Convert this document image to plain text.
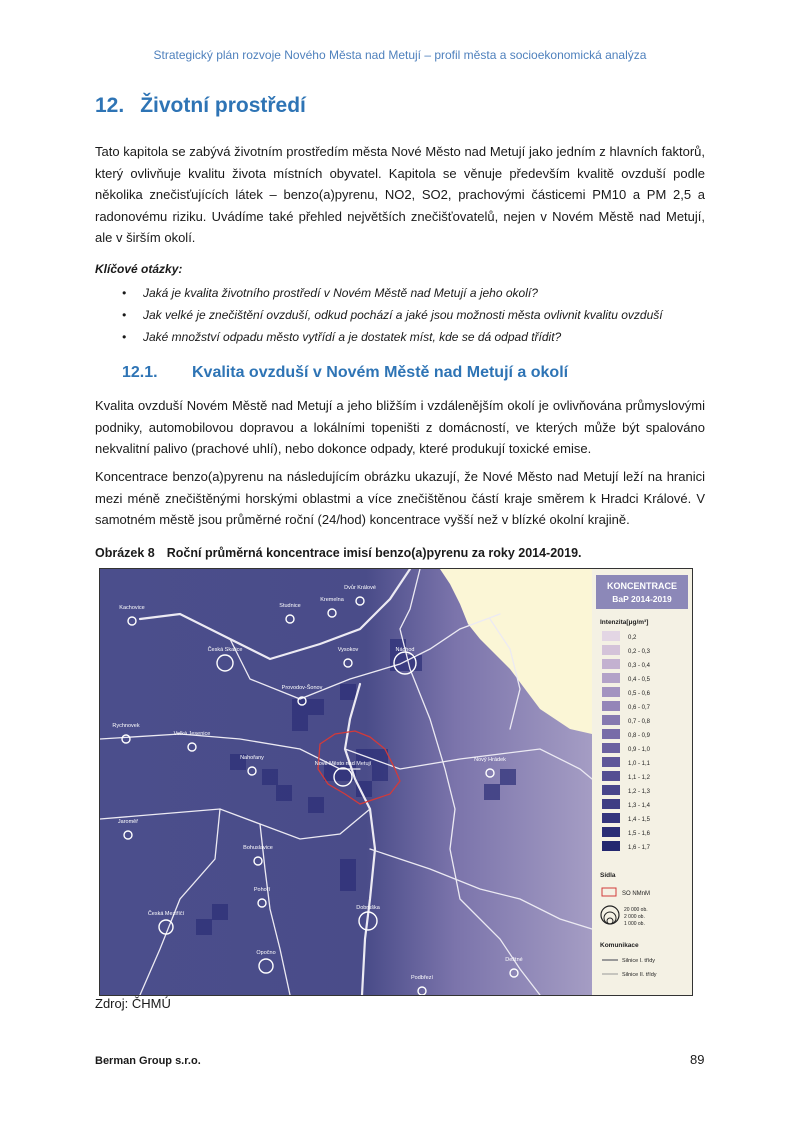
Strategický plán rozvoje Nového Města nad Metují – profil města a socioekonomická analýza
12. Životní prostředí

Tato kapitola se zabývá životním prostředím města Nové Město nad Metují jako jedním z hlavních faktorů, který ovlivňuje kvalitu života místních obyvatel. Kapitola se věnuje především kvalitě ovzduší podle několika znečisťujících látek – benzo(a)pyrenu, NO2, SO2, prachovými částicemi PM10 a PM 2,5 a radonovému riziku. Uvádíme také přehled největších znečišťovatelů, nejen v Novém Městě nad Metují, ale v širším okolí.

Klíčové otázky:
• Jaká je kvalita životního prostředí v Novém Městě nad Metují a jeho okolí?
• Jak velké je znečištění ovzduší, odkud pochází a jaké jsou možnosti města ovlivnit kvalitu ovzduší
• Jaké množství odpadu město vytřídí a je dostatek míst, kde se dá odpad třídit?
12.1. Kvalita ovzduší v Novém Městě nad Metují a okolí

Kvalita ovzduší Novém Městě nad Metují a jeho bližším i vzdálenějším okolí je ovlivňována průmyslovými podniky, automobilovou dopravou a lokálními topeništi z domácností, ve kterých může být spalováno nekvalitní palivo (prachové uhlí), nebo dokonce odpady, které produkují toxické emise.

Koncentrace benzo(a)pyrenu na následujícím obrázku ukazují, že Nové Město nad Metují leží na hranici mezi méně znečištěnými horskými oblastmi a více znečištěnou částí kraje směrem k Hradci Králové. V samotném městě jsou průměrné roční (24/hod) koncentrace vyšší než v blízké okolní krajině.

Obrázek 8 Roční průměrná koncentrace imisí benzo(a)pyrenu za roky 2014-2019.
Dvůr Králové
Kremelna
Studnice
Kachovice
Česká Skalice	Vysokov	Náchod
Provodov-Šonov
Rychnovek
Velká Jesenice
Nahořany
Nové Město nad Metují
Nový Hrádek
Jaroměř
Bohuslavice
Pohoří
Česká Meziříčí
Opočno
Dobruška
Podbřezí
Deštné
KONCENTRACE
BaP 2014-2019
Intenzita[μg/m³]
0,2
0,2 - 0,3
0,3 - 0,4
0,4 - 0,5
0,5 - 0,6
0,6 - 0,7
0,7 - 0,8
0,8 - 0,9
0,9 - 1,0
1,0 - 1,1
1,1 - 1,2
1,2 - 1,3
1,3 - 1,4
1,4 - 1,5
1,5 - 1,6
1,6 - 1,7
Sídla
SO NMnM
20 000 ob.
2 000 ob.
1 000 ob.
Komunikace
Silnice I. třídy
Silnice II. třídy
Zdroj: ČHMÚ
Berman Group s.r.o.	89
